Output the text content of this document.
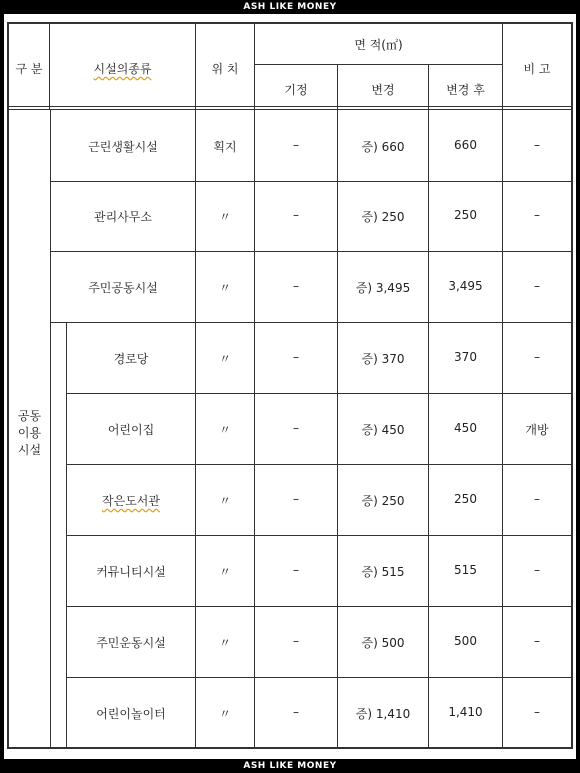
ASH LIKE MONEY
구 분	시설의종류	위 치
면 적(㎡)
기정	변경	변경 후
비 고
공동
이용
시설
근린생활시설	획지	–	증) 660	660	–
관리사무소	〃	–	증) 250	250	–
주민공동시설	〃	–	증) 3,495	3,495	–
경로당	〃	–	증) 370	370	–
어린이집	〃	–	증) 450	450	개방
작은도서관	〃	–	증) 250	250	–
커뮤니티시설	〃	–	증) 515	515	–
주민운동시설	〃	–	증) 500	500	–
어린이놀이터	〃	–	증) 1,410	1,410	–
ASH LIKE MONEY
